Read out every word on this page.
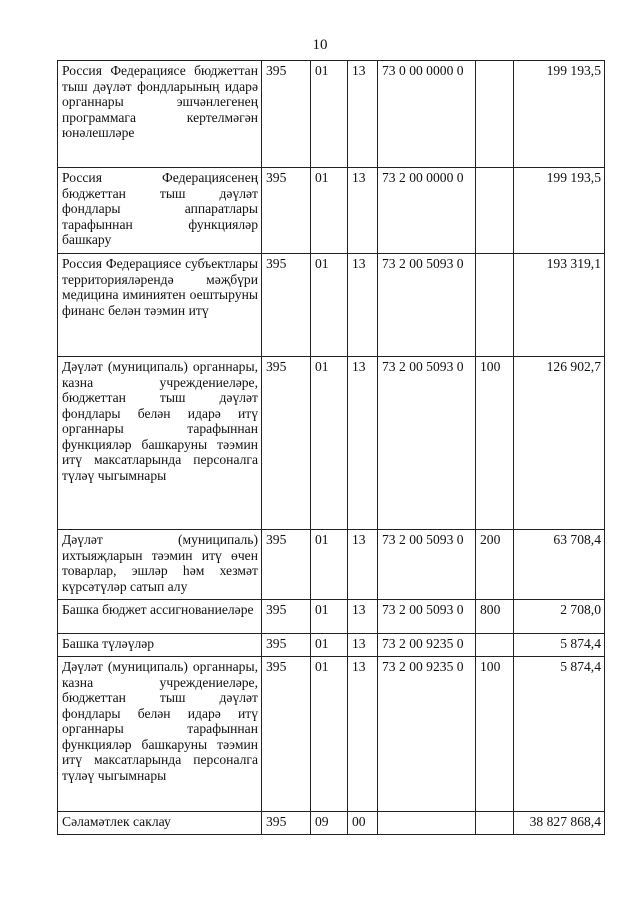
10
Россия Федерациясе бюджеттан тыш дәүләт фондларының идарә органнары эшчәнлегенең программага кертелмәгән юнәлешләре	395	01	13	73 0 00 0000 0		199 193,5
Россия Федерациясенең бюджеттан тыш дәүләт фондлары аппаратлары тарафыннан функцияләр башкару	395	01	13	73 2 00 0000 0		199 193,5
Россия Федерациясе субъектлары территорияләрендә мәҗбүри медицина иминиятен оештыруны финанс белән тәэмин итү	395	01	13	73 2 00 5093 0		193 319,1
Дәүләт (муниципаль) органнары, казна учреждениеләре, бюджеттан тыш дәүләт фондлары белән идарә итү органнары тарафыннан функцияләр башкаруны тәэмин итү максатларында персоналга түләү чыгымнары	395	01	13	73 2 00 5093 0	100	126 902,7
Дәүләт (муниципаль) ихтыяҗларын тәэмин итү өчен товарлар, эшләр һәм хезмәт күрсәтүләр сатып алу	395	01	13	73 2 00 5093 0	200	63 708,4
Башка бюджет ассигнованиеләре	395	01	13	73 2 00 5093 0	800	2 708,0
Башка түләүләр	395	01	13	73 2 00 9235 0		5 874,4
Дәүләт (муниципаль) органнары, казна учреждениеләре, бюджеттан тыш дәүләт фондлары белән идарә итү органнары тарафыннан функцияләр башкаруны тәэмин итү максатларында персоналга түләү чыгымнары	395	01	13	73 2 00 9235 0	100	5 874,4
Сәламәтлек саклау	395	09	00			38 827 868,4
